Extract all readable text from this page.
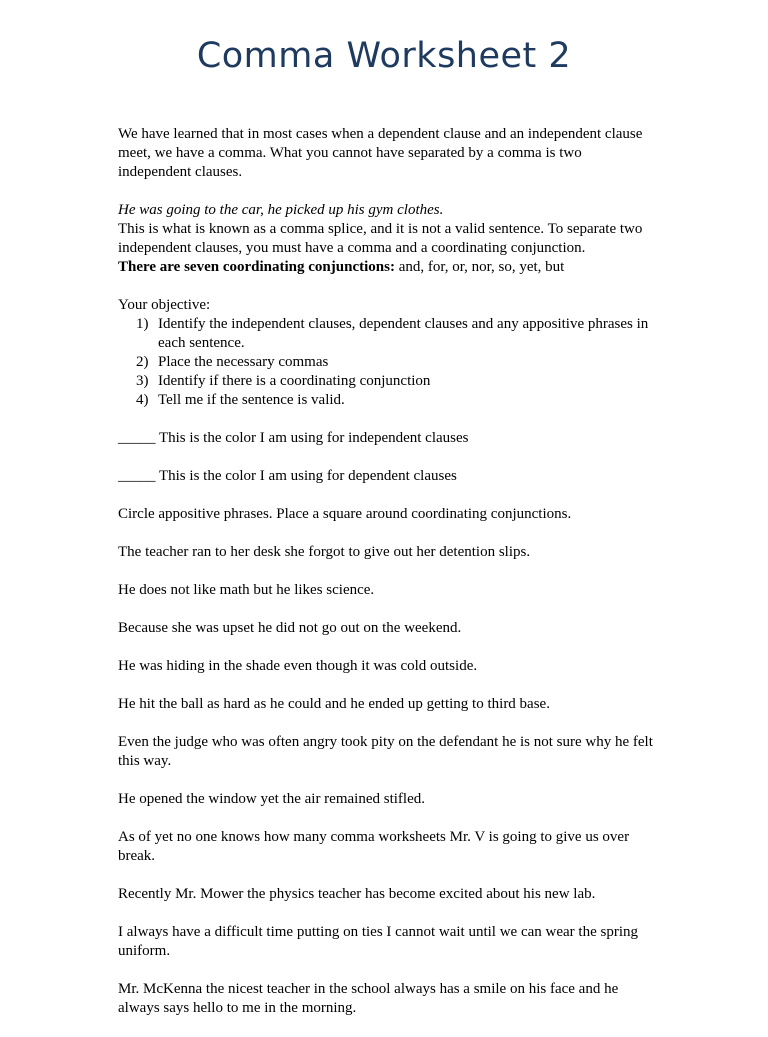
Comma Worksheet 2

We have learned that in most cases when a dependent clause and an independent clause meet, we have a comma. What you cannot have separated by a comma is two independent clauses.

He was going to the car, he picked up his gym clothes.

This is what is known as a comma splice, and it is not a valid sentence. To separate two independent clauses, you must have a comma and a coordinating conjunction.

There are seven coordinating conjunctions: and, for, or, nor, so, yet, but

Your objective:

1) Identify the independent clauses, dependent clauses and any appositive phrases in each sentence.
2) Place the necessary commas
3) Identify if there is a coordinating conjunction
4) Tell me if the sentence is valid.

_____ This is the color I am using for independent clauses

_____ This is the color I am using for dependent clauses

Circle appositive phrases. Place a square around coordinating conjunctions.

The teacher ran to her desk she forgot to give out her detention slips.

He does not like math but he likes science.

Because she was upset he did not go out on the weekend.

He was hiding in the shade even though it was cold outside.

He hit the ball as hard as he could and he ended up getting to third base.

Even the judge who was often angry took pity on the defendant he is not sure why he felt this way.

He opened the window yet the air remained stifled.

As of yet no one knows how many comma worksheets Mr. V is going to give us over break.

Recently Mr. Mower the physics teacher has become excited about his new lab.

I always have a difficult time putting on ties I cannot wait until we can wear the spring uniform.

Mr. McKenna the nicest teacher in the school always has a smile on his face and he always says hello to me in the morning.
